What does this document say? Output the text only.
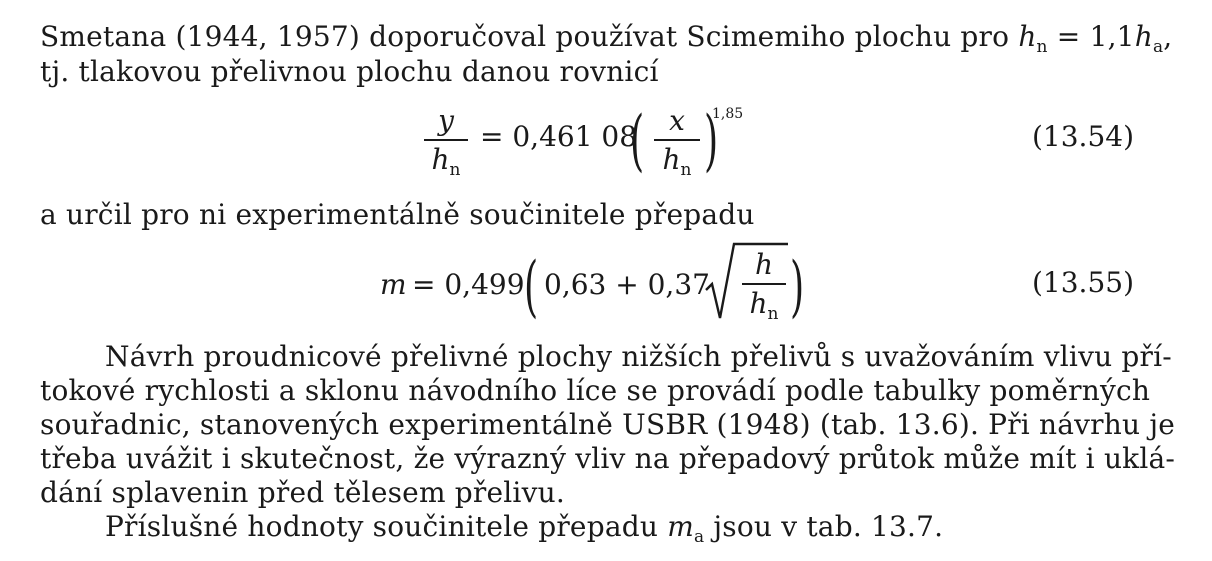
Smetana (1944, 1957) doporučoval používat Scimemiho plochu pro $h_n = 1,1h_a$,
tj. tlakovou přelivnou plochu danou rovnicí
y
$h_n$
= 0,461 08
( x
$h_n$ )
1,85
(13.54)
a určil pro ni experimentálně součinitele přepadu
m = 0,499 ( 0,63 + 0,37
h
$h_n$ )	(13.55)
Návrh proudnicové přelivné plochy nižších přelivů s uvažováním vlivu pří-
tokové rychlosti a sklonu návodního líce se provádí podle tabulky poměrných
souřadnic, stanovených experimentálně USBR (1948) (tab. 13.6). Při návrhu je
třeba uvážit i skutečnost, že výrazný vliv na přepadový průtok může mít i uklá-
dání splavenin před tělesem přelivu.
Příslušné hodnoty součinitele přepadu $m_a$ jsou v tab. 13.7.
